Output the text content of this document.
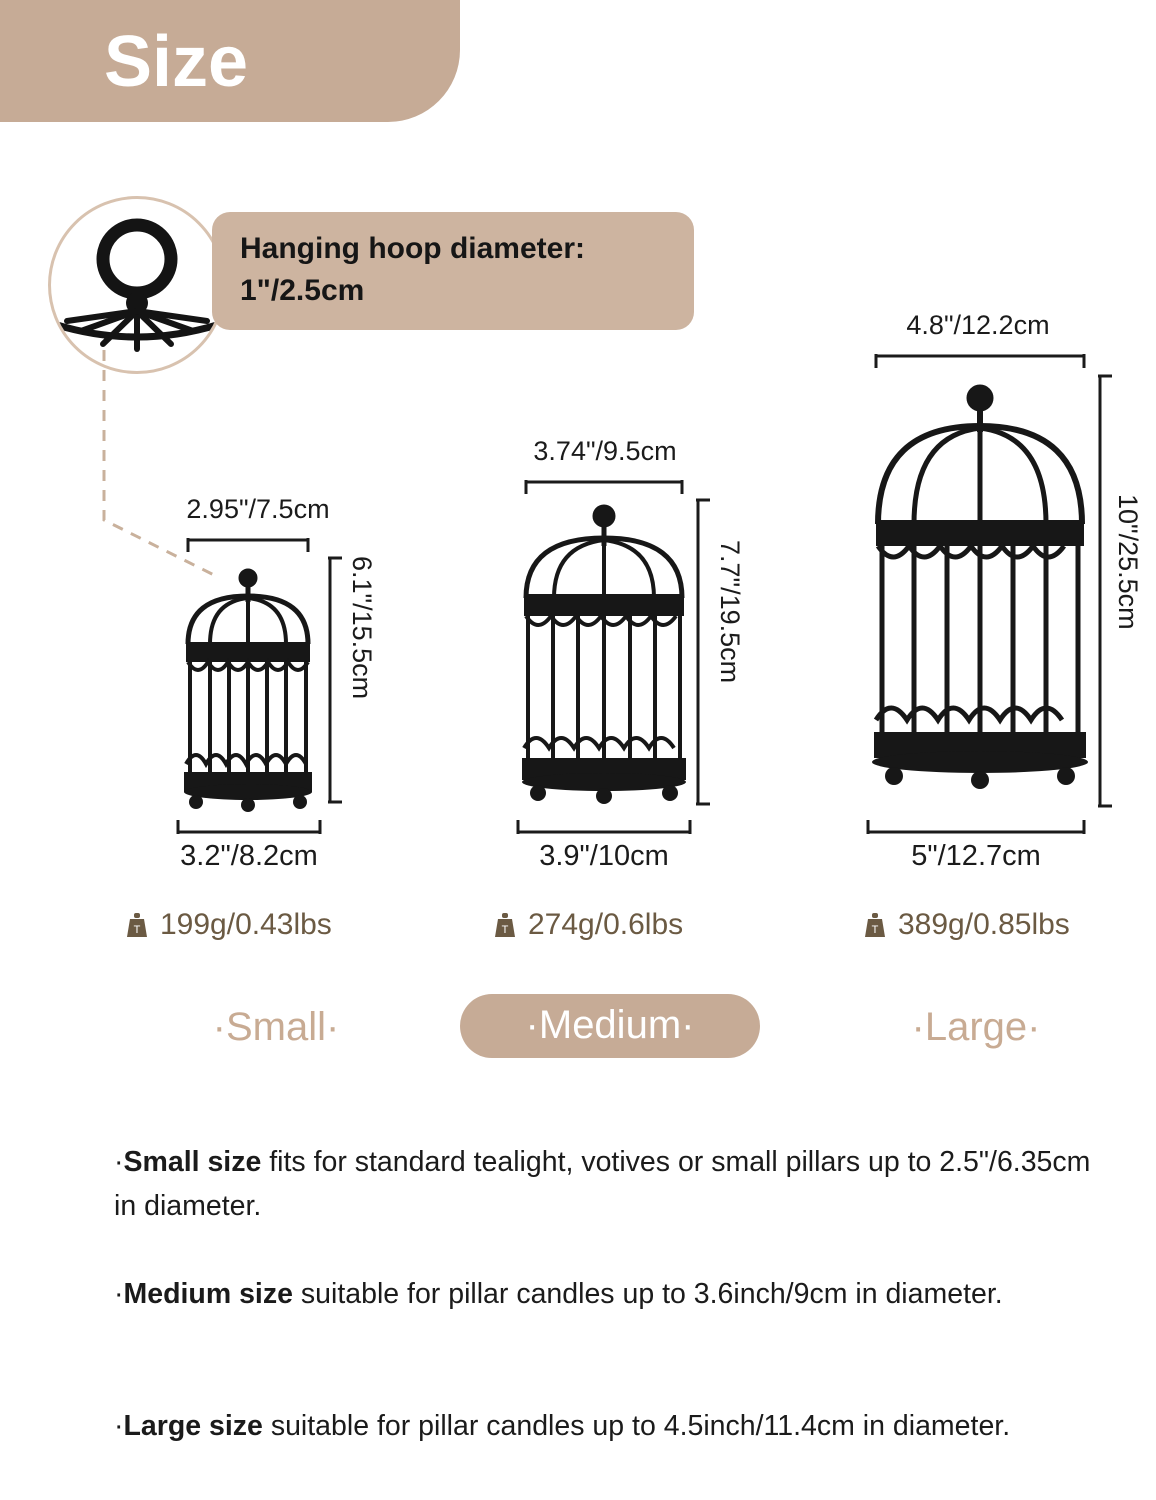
Size
Hanging hoop diameter:
1"/2.5cm
2.95"/7.5cm
6.1"/15.5cm
3.2"/8.2cm
T 199g/0.43lbs
·Small·
3.74"/9.5cm
7.7"/19.5cm
3.9"/10cm
T 274g/0.6lbs
·Medium·
4.8"/12.2cm
10"/25.5cm
5"/12.7cm
T 389g/0.85lbs
·Large·
·Small size fits for standard tealight, votives or small pillars up to 2.5"/6.35cm in diameter.
·Medium size suitable for pillar candles up to 3.6inch/9cm in diameter.
·Large size suitable for pillar candles up to 4.5inch/11.4cm in diameter.
